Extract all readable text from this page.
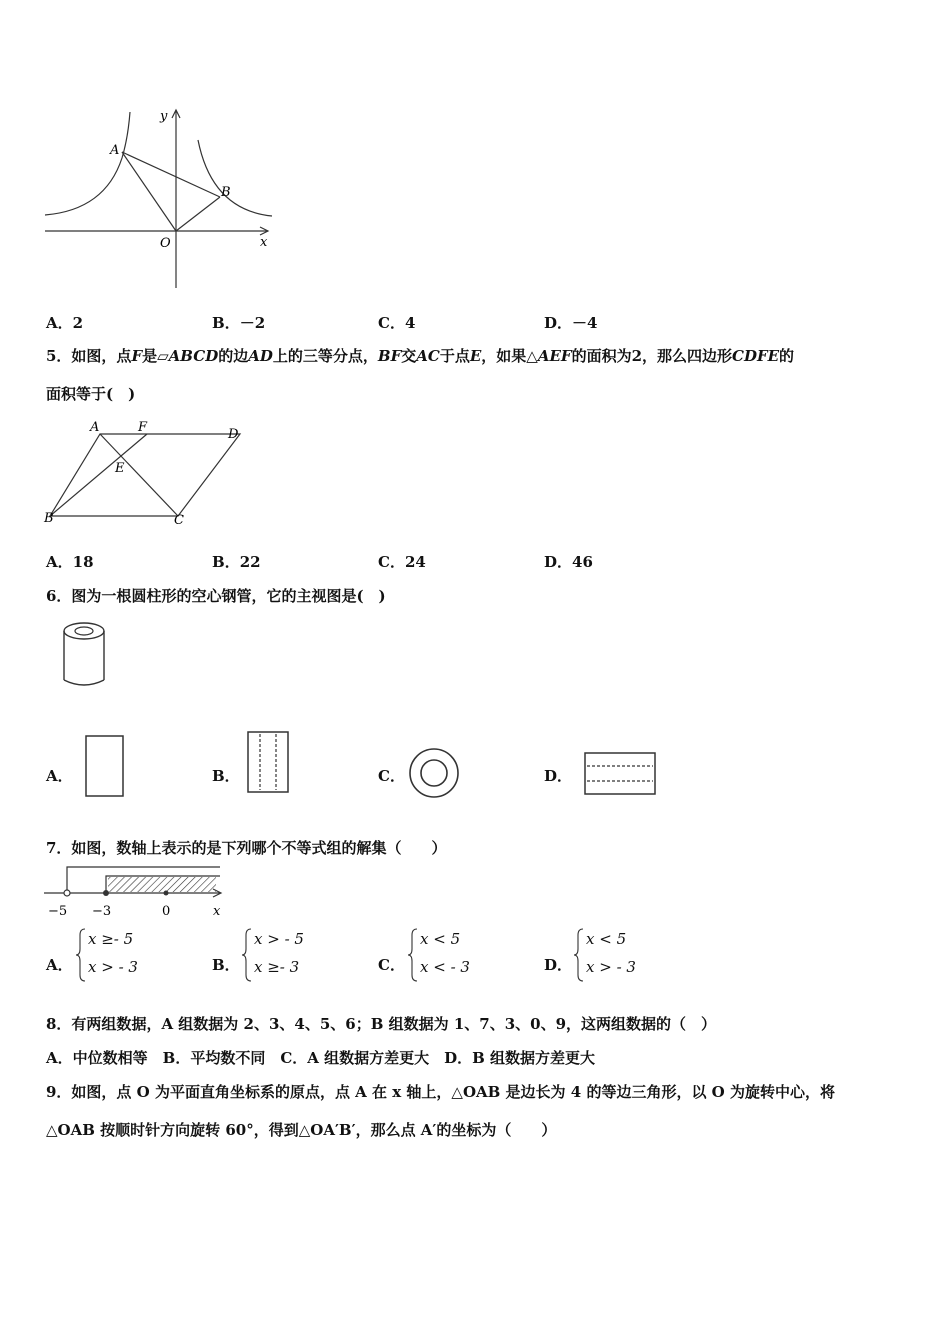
y
x
O
A
B
A．2	B．－2	C．4	D．－4
5．如图，点F是▱ABCD的边AD上的三等分点，BF交AC于点E，如果△AEF的面积为2，那么四边形CDFE的
面积等于(　)
A	F	D
E
B	C
A．18	B．22	C．24	D．46
6．图为一根圆柱形的空心钢管，它的主视图是(　)
A．	B．	C．	D．
7．如图，数轴上表示的是下列哪个不等式组的解集（　　）
−5 −3	0	x
A．
x ≥- 5
x > - 3	B．
x > - 5
x ≥- 3	C．
x < 5
x < - 3	D．
x < 5
x > - 3
8．有两组数据，A 组数据为 2、3、4、5、6；B 组数据为 1、7、3、0、9，这两组数据的（　）
A．中位数相等　B．平均数不同　C．A 组数据方差更大　D．B 组数据方差更大
9．如图，点 O 为平面直角坐标系的原点，点 A 在 x 轴上，△OAB 是边长为 4 的等边三角形，以 O 为旋转中心，将
△OAB 按顺时针方向旋转 60°，得到△OA′B′，那么点 A′的坐标为（　　）
